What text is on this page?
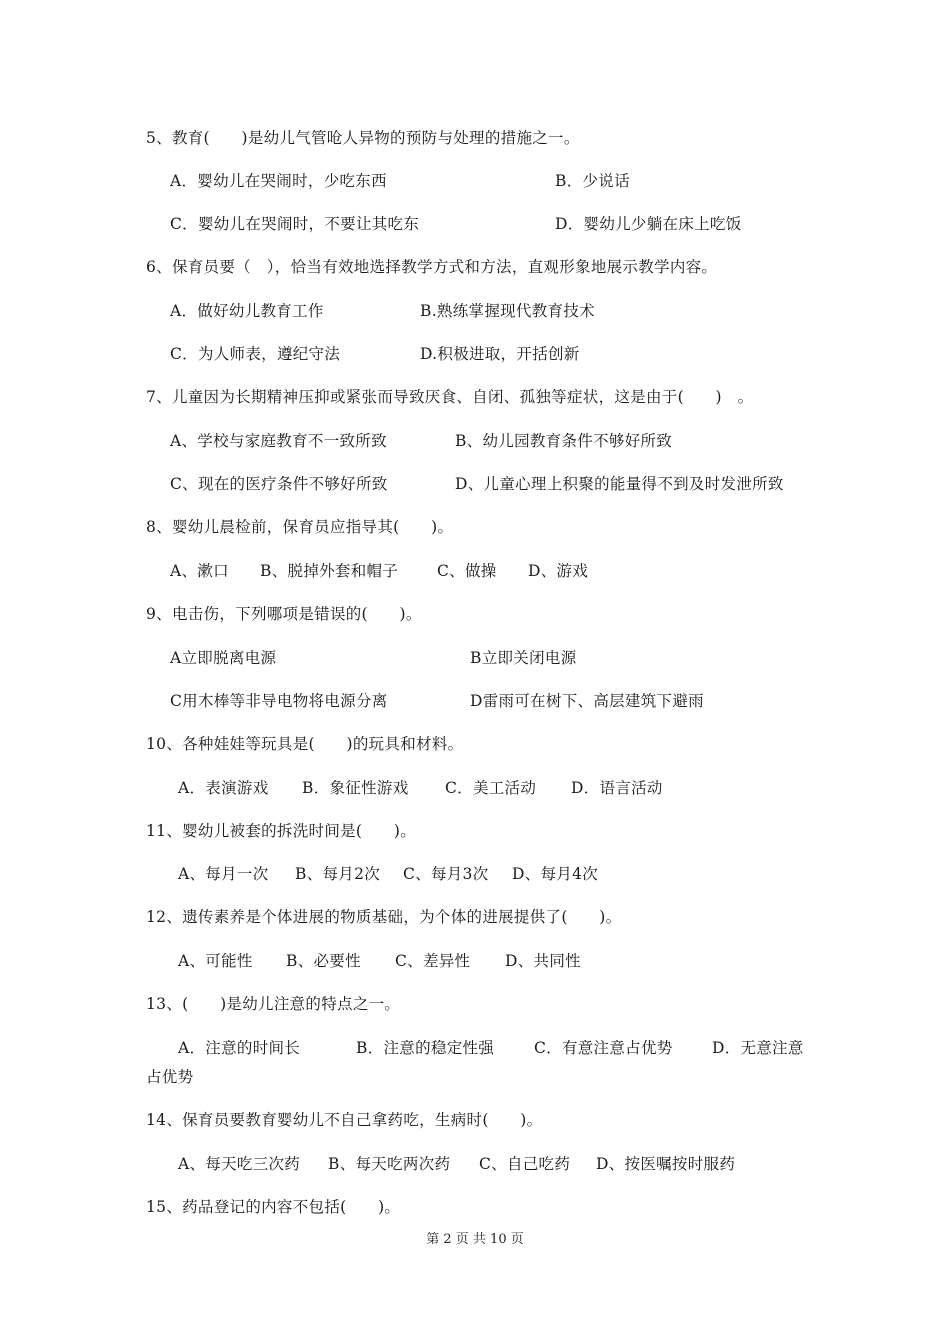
5、教育(　　)是幼儿气管呛人异物的预防与处理的措施之一。
A．婴幼儿在哭闹时，少吃东西	B．少说话
C．婴幼儿在哭闹时，不要让其吃东	D．婴幼儿少躺在床上吃饭
6、保育员要（　），恰当有效地选择教学方式和方法，直观形象地展示教学内容。
A．做好幼儿教育工作	B.熟练掌握现代教育技术
C．为人师表，遵纪守法	D.积极进取，开括创新
7、儿童因为长期精神压抑或紧张而导致厌食、自闭、孤独等症状，这是由于(　　)　。
A、学校与家庭教育不一致所致	B、幼儿园教育条件不够好所致
C、现在的医疗条件不够好所致	D、儿童心理上积聚的能量得不到及时发泄所致
8、婴幼儿晨检前，保育员应指导其(　　)。
A、漱口 B、脱掉外套和帽子	C、做操 D、游戏
9、电击伤，下列哪项是错误的(　　)。
A立即脱离电源	B立即关闭电源
C用木棒等非导电物将电源分离	D雷雨可在树下、高层建筑下避雨
10、各种娃娃等玩具是(　　)的玩具和材料。
A．表演游戏 B．象征性游戏 C．美工活动 D．语言活动
11、婴幼儿被套的拆洗时间是(　　)。
A、每月一次 B、每月2次 C、每月3次 D、每月4次
12、遗传素养是个体进展的物质基础，为个体的进展提供了(　　)。
A、可能性 B、必要性 C、差异性 D、共同性
13、(　　)是幼儿注意的特点之一。
A．注意的时间长	B．注意的稳定性强	C．有意注意占优势	D．无意注意
占优势
14、保育员要教育婴幼儿不自己拿药吃，生病时(　　)。
A、每天吃三次药 B、每天吃两次药 C、自己吃药 D、按医嘱按时服药
15、药品登记的内容不包括(　　)。
第 2 页 共 10 页
